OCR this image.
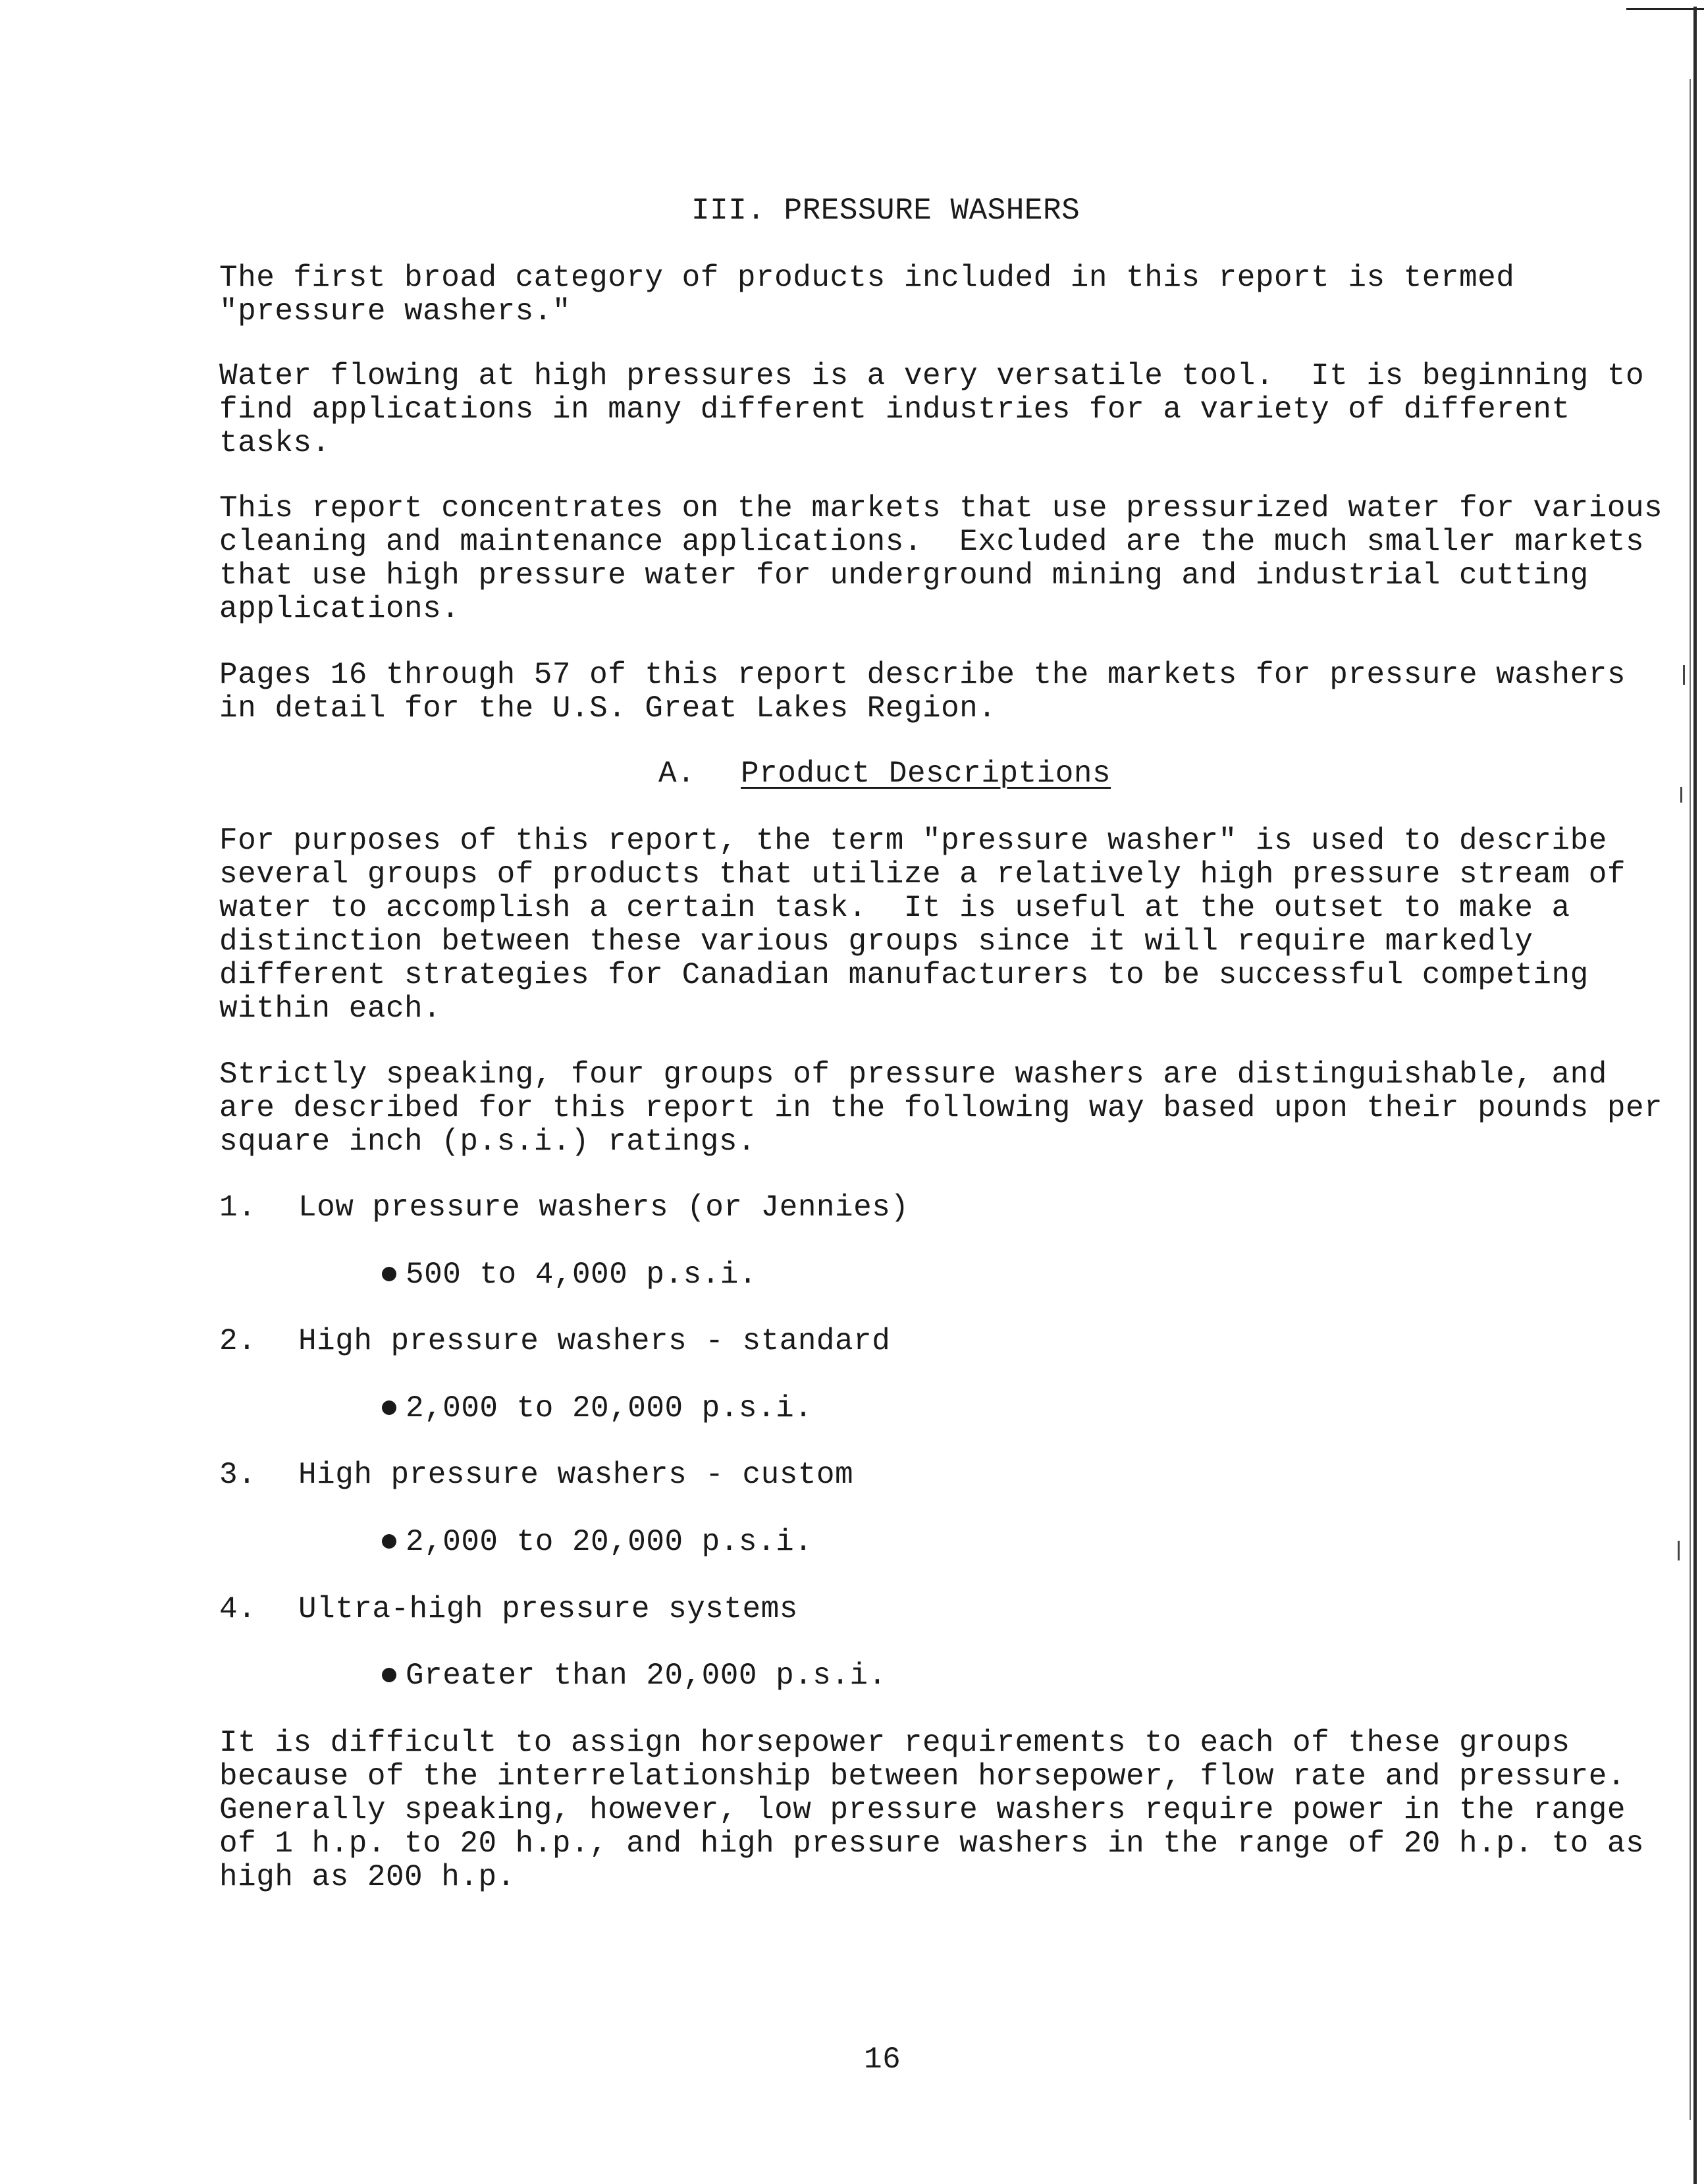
III. PRESSURE WASHERS
The first broad category of products included in this report is termed
"pressure washers."
Water flowing at high pressures is a very versatile tool.  It is beginning to
find applications in many different industries for a variety of different
tasks.
This report concentrates on the markets that use pressurized water for various
cleaning and maintenance applications.  Excluded are the much smaller markets
that use high pressure water for underground mining and industrial cutting
applications.
Pages 16 through 57 of this report describe the markets for pressure washers
in detail for the U.S. Great Lakes Region.
A. Product Descriptions
For purposes of this report, the term "pressure washer" is used to describe
several groups of products that utilize a relatively high pressure stream of
water to accomplish a certain task.  It is useful at the outset to make a
distinction between these various groups since it will require markedly
different strategies for Canadian manufacturers to be successful competing
within each.
Strictly speaking, four groups of pressure washers are distinguishable, and
are described for this report in the following way based upon their pounds per
square inch (p.s.i.) ratings.
1. Low pressure washers (or Jennies)
500 to 4,000 p.s.i.
2. High pressure washers - standard
2,000 to 20,000 p.s.i.
3. High pressure washers - custom
2,000 to 20,000 p.s.i.
4. Ultra-high pressure systems
Greater than 20,000 p.s.i.
It is difficult to assign horsepower requirements to each of these groups
because of the interrelationship between horsepower, flow rate and pressure.
Generally speaking, however, low pressure washers require power in the range
of 1 h.p. to 20 h.p., and high pressure washers in the range of 20 h.p. to as
high as 200 h.p.
16
